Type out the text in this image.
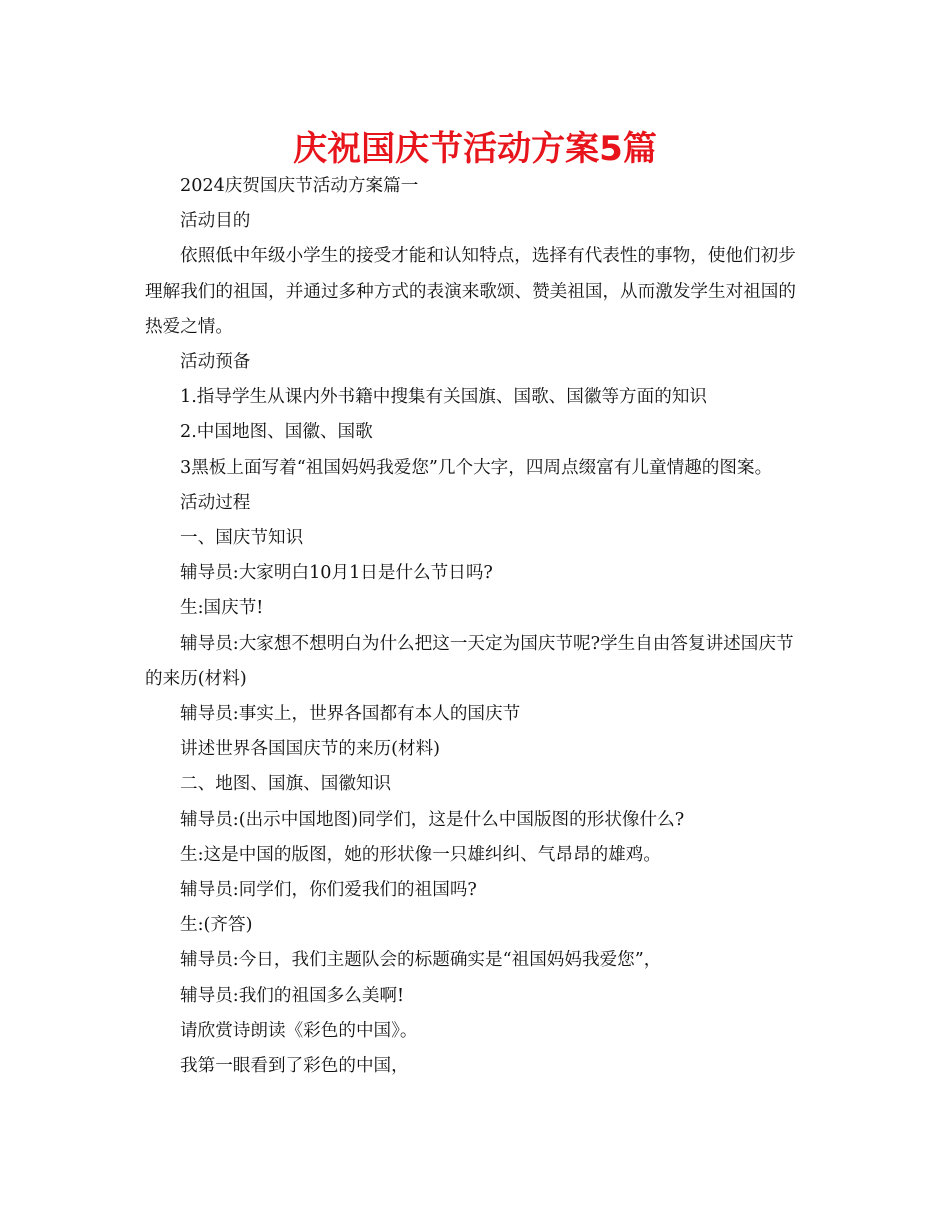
庆祝国庆节活动方案5篇

2024庆贺国庆节活动方案篇一

活动目的

依照低中年级小学生的接受才能和认知特点，选择有代表性的事物，使他们初步理解我们的祖国，并通过多种方式的表演来歌颂、赞美祖国，从而激发学生对祖国的热爱之情。

活动预备

1.指导学生从课内外书籍中搜集有关国旗、国歌、国徽等方面的知识

2.中国地图、国徽、国歌

3黑板上面写着“祖国妈妈我爱您”几个大字，四周点缀富有儿童情趣的图案。

活动过程

一、国庆节知识

辅导员:大家明白10月1日是什么节日吗?

生:国庆节!

辅导员:大家想不想明白为什么把这一天定为国庆节呢?学生自由答复讲述国庆节的来历(材料)

辅导员:事实上，世界各国都有本人的国庆节

讲述世界各国国庆节的来历(材料)

二、地图、国旗、国徽知识

辅导员:(出示中国地图)同学们，这是什么中国版图的形状像什么?

生:这是中国的版图，她的形状像一只雄纠纠、气昂昂的雄鸡。

辅导员:同学们，你们爱我们的祖国吗?

生:(齐答)

辅导员:今日，我们主题队会的标题确实是“祖国妈妈我爱您”，

辅导员:我们的祖国多么美啊!

请欣赏诗朗读《彩色的中国》。

我第一眼看到了彩色的中国，
